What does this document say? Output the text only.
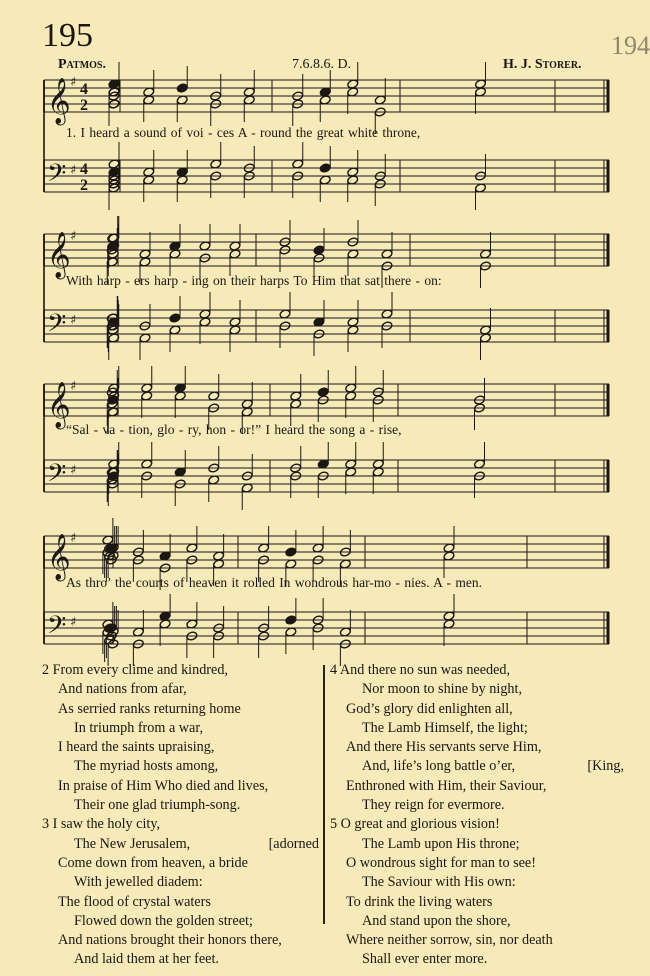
195
Patmos.	7.6.8.6. D.	H. J. Storer.
194
𝄞 ♯ 4
2
𝄢 ♯ 4
2
𝄞 ♯
𝄢 ♯
𝄞 ♯
𝄢 ♯
𝄞 ♯
𝄢 ♯
1. I heard a sound of voi - ces A - round the great white throne,
With harp - ers harp - ing on their harps To Him that sat there - on:
“Sal - va - tion, glo - ry, hon - or!” I heard the song a - rise,
As thro’ the courts of heaven it rolled In wondrous har-mo - nies. A - men.
2 From every clime and kindred,
And nations from afar,
As serried ranks returning home
In triumph from a war,
I heard the saints upraising,
The myriad hosts among,
In praise of Him Who died and lives,
Their one glad triumph-song.
3 I saw the holy city,
The New Jerusalem,	[adorned
Come down from heaven, a bride
With jewelled diadem:
The flood of crystal waters
Flowed down the golden street;
And nations brought their honors there,
And laid them at her feet.
4 And there no sun was needed,
Nor moon to shine by night,
God’s glory did enlighten all,
The Lamb Himself, the light;
And there His servants serve Him,
And, life’s long battle o’er,	[King,
Enthroned with Him, their Saviour,
They reign for evermore.
5 O great and glorious vision!
The Lamb upon His throne;
O wondrous sight for man to see!
The Saviour with His own:
To drink the living waters
And stand upon the shore,
Where neither sorrow, sin, nor death
Shall ever enter more.
